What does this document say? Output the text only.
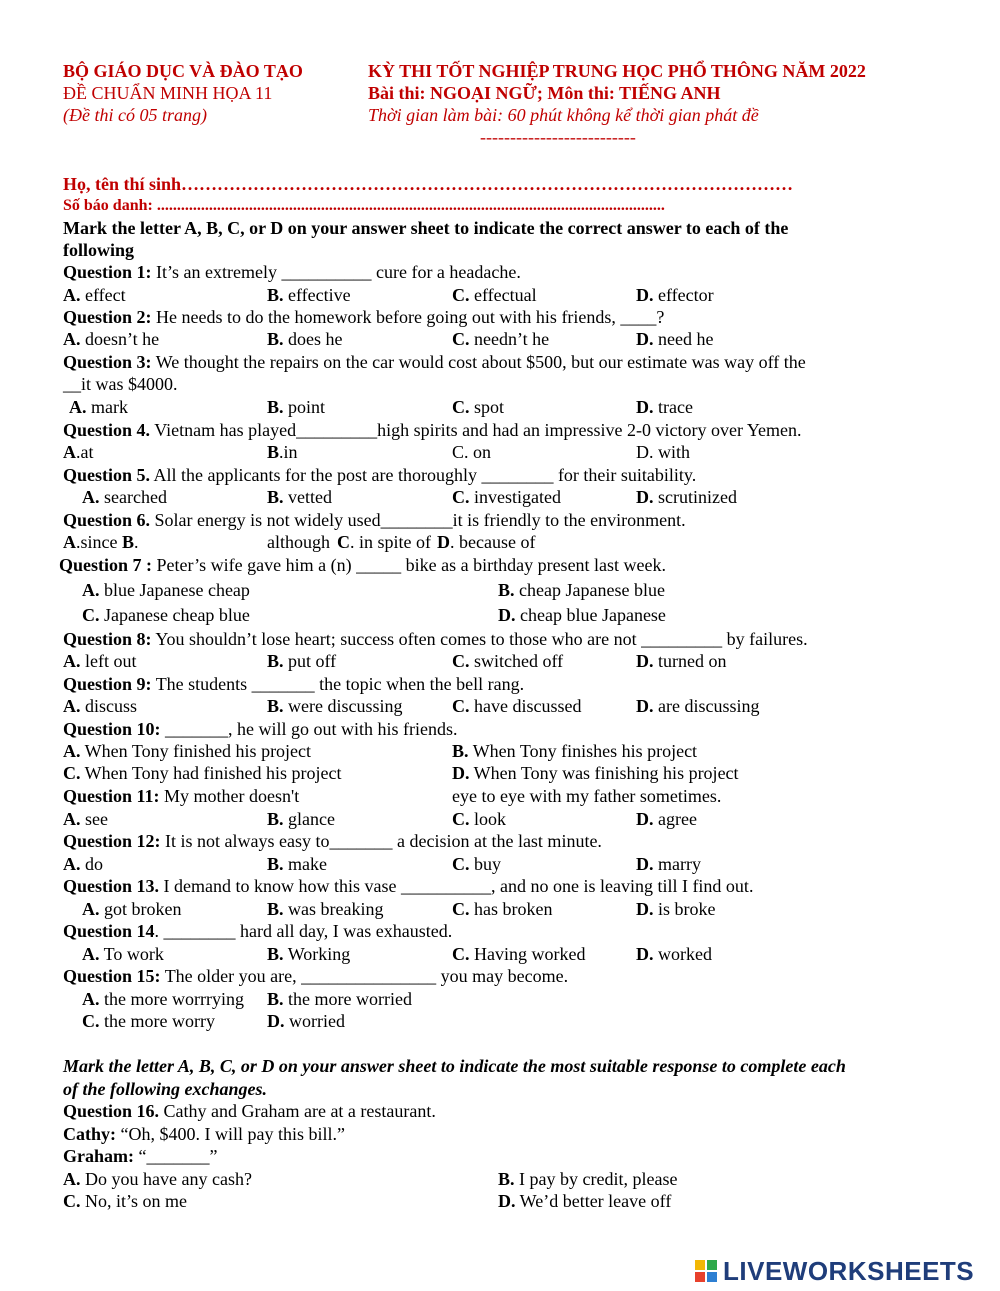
BỘ GIÁO DỤC VÀ ĐÀO TẠO
ĐỀ CHUẨN MINH HỌA 11
(Đề thi có 05 trang)
KỲ THI TỐT NGHIỆP TRUNG HỌC PHỔ THÔNG NĂM 2022
Bài thi: NGOẠI NGỮ; Môn thi: TIẾNG ANH
Thời gian làm bài: 60 phút không kể thời gian phát đề
--------------------------
Họ, tên thí sinh…………………………………………………………………………………………
Số báo danh: ...............................................................................................................................
Mark the letter A, B, C, or D on your answer sheet to indicate the correct answer to each of the
following
Question 1: It’s an extremely __________ cure for a headache.
A. effect	B. effective	C. effectual	D. effector
Question 2: He needs to do the homework before going out with his friends, ____?
A. doesn’t he	B. does he	C. needn’t he	D. need he
Question 3: We thought the repairs on the car would cost about $500, but our estimate was way off the
__it was $4000.
A. mark	B. point	C. spot	D. trace
Question 4. Vietnam has played_________high spirits and had an impressive 2-0 victory over Yemen.
A.at	B.in	C. on	D. with
Question 5. All the applicants for the post are thoroughly ________ for their suitability.
A. searched	B. vetted	C. investigated	D. scrutinized
Question 6. Solar energy is not widely used________it is friendly to the environment.
A.since B.	although C. in spite of D. because of
Question 7 : Peter’s wife gave him a (n) _____ bike as a birthday present last week.
A. blue Japanese cheap	B. cheap Japanese blue
C. Japanese cheap blue	D. cheap blue Japanese
Question 8: You shouldn’t lose heart; success often comes to those who are not _________ by failures.
A. left out	B. put off	C. switched off	D. turned on
Question 9: The students _______ the topic when the bell rang.
A. discuss	B. were discussing	C. have discussed	D. are discussing
Question 10: _______, he will go out with his friends.
A. When Tony finished his project	B. When Tony finishes his project
C. When Tony had finished his project	D. When Tony was finishing his project
Question 11: My mother doesn't	eye to eye with my father sometimes.
A. see	B. glance	C. look	D. agree
Question 12: It is not always easy to_______ a decision at the last minute.
A. do	B. make	C. buy	D. marry
Question 13. I demand to know how this vase __________, and no one is leaving till I find out.
A. got broken	B. was breaking	C. has broken	D. is broke
Question 14. ________ hard all day, I was exhausted.
A. To work	B. Working	C. Having worked	D. worked
Question 15: The older you are, _______________ you may become.
A. the more worrrying B. the more worried
C. the more worry	D. worried
Mark the letter A, B, C, or D on your answer sheet to indicate the most suitable response to complete each
of the following exchanges.
Question 16. Cathy and Graham are at a restaurant.
Cathy: “Oh, $400. I will pay this bill.”
Graham: “_______”
A. Do you have any cash?	B. I pay by credit, please
C. No, it’s on me	D. We’d better leave off
LIVEWORKSHEETS
